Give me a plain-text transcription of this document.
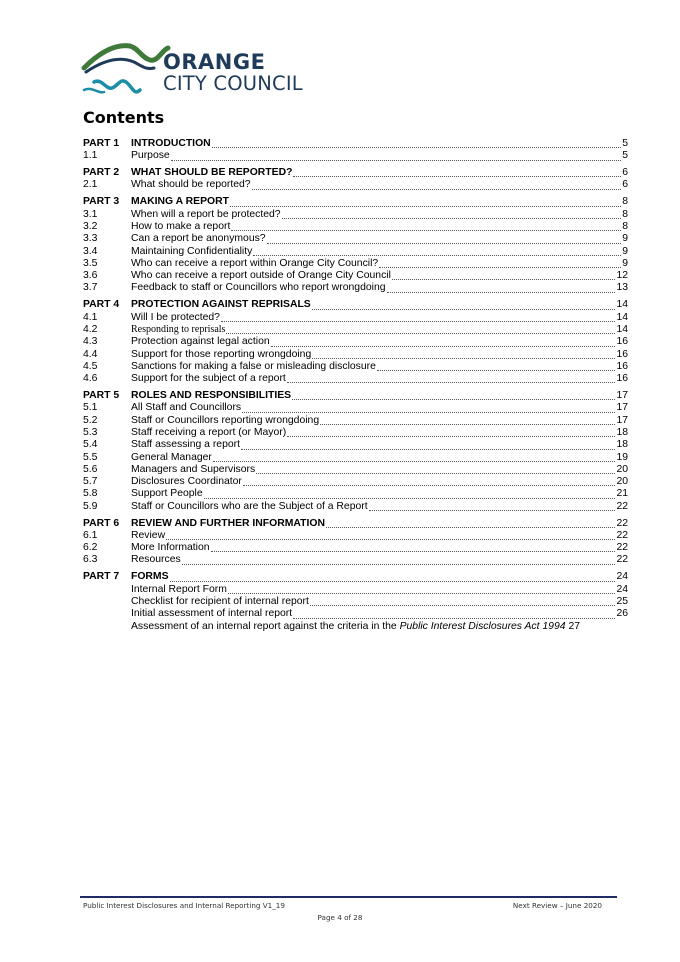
ORANGE
CITY COUNCIL
Contents
PART 1	INTRODUCTION	5
1.1	Purpose	5
PART 2	WHAT SHOULD BE REPORTED?	6
2.1	What should be reported?	6
PART 3	MAKING A REPORT	8
3.1	When will a report be protected?	8
3.2	How to make a report	8
3.3	Can a report be anonymous?	9
3.4	Maintaining Confidentiality	9
3.5	Who can receive a report within Orange City Council?	9
3.6	Who can receive a report outside of Orange City Council	12
3.7	Feedback to staff or Councillors who report wrongdoing	13
PART 4	PROTECTION AGAINST REPRISALS	14
4.1	Will I be protected?	14
4.2	Responding to reprisals	14
4.3	Protection against legal action	16
4.4	Support for those reporting wrongdoing	16
4.5	Sanctions for making a false or misleading disclosure	16
4.6	Support for the subject of a report	16
PART 5	ROLES AND RESPONSIBILITIES	17
5.1	All Staff and Councillors	17
5.2	Staff or Councillors reporting wrongdoing	17
5.3	Staff receiving a report (or Mayor)	18
5.4	Staff assessing a report	18
5.5	General Manager	19
5.6	Managers and Supervisors	20
5.7	Disclosures Coordinator	20
5.8	Support People	21
5.9	Staff or Councillors who are the Subject of a Report	22
PART 6	REVIEW AND FURTHER INFORMATION	22
6.1	Review	22
6.2	More Information	22
6.3	Resources	22
PART 7	FORMS	24
Internal Report Form	24
Checklist for recipient of internal report	25
Initial assessment of internal report	26
Assessment of an internal report against the criteria in the Public Interest Disclosures Act 1994 27
Public Interest Disclosures and Internal Reporting V1_19	Next Review – June 2020
Page 4 of 28
